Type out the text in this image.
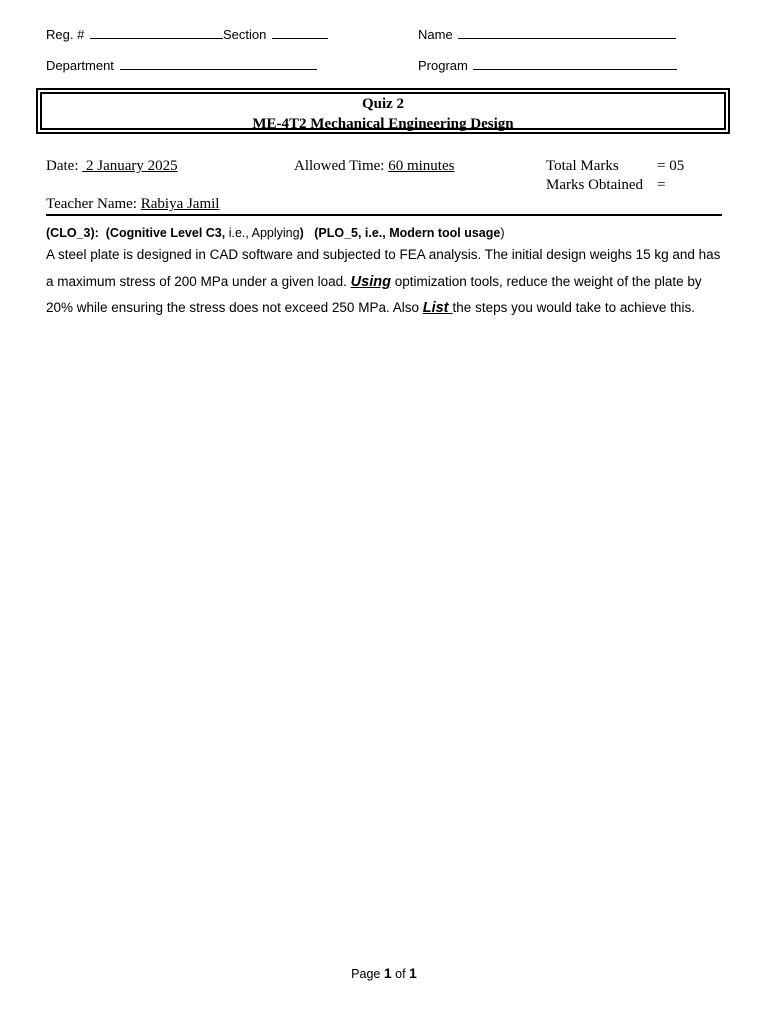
Reg. #	Section	Name
Department	Program
Quiz 2
ME-4T2 Mechanical Engineering Design
Date:  2 January 2025	Allowed Time: 60 minutes	Total Marks	= 05
Marks Obtained =
Teacher Name: Rabiya Jamil
(CLO_3): (Cognitive Level C3, i.e., Applying) (PLO_5, i.e., Modern tool usage)
A steel plate is designed in CAD software and subjected to FEA analysis. The initial design weighs 15 kg and has a maximum stress of 200 MPa under a given load. Using optimization tools, reduce the weight of the plate by 20% while ensuring the stress does not exceed 250 MPa. Also List the steps you would take to achieve this.
Page 1 of 1
